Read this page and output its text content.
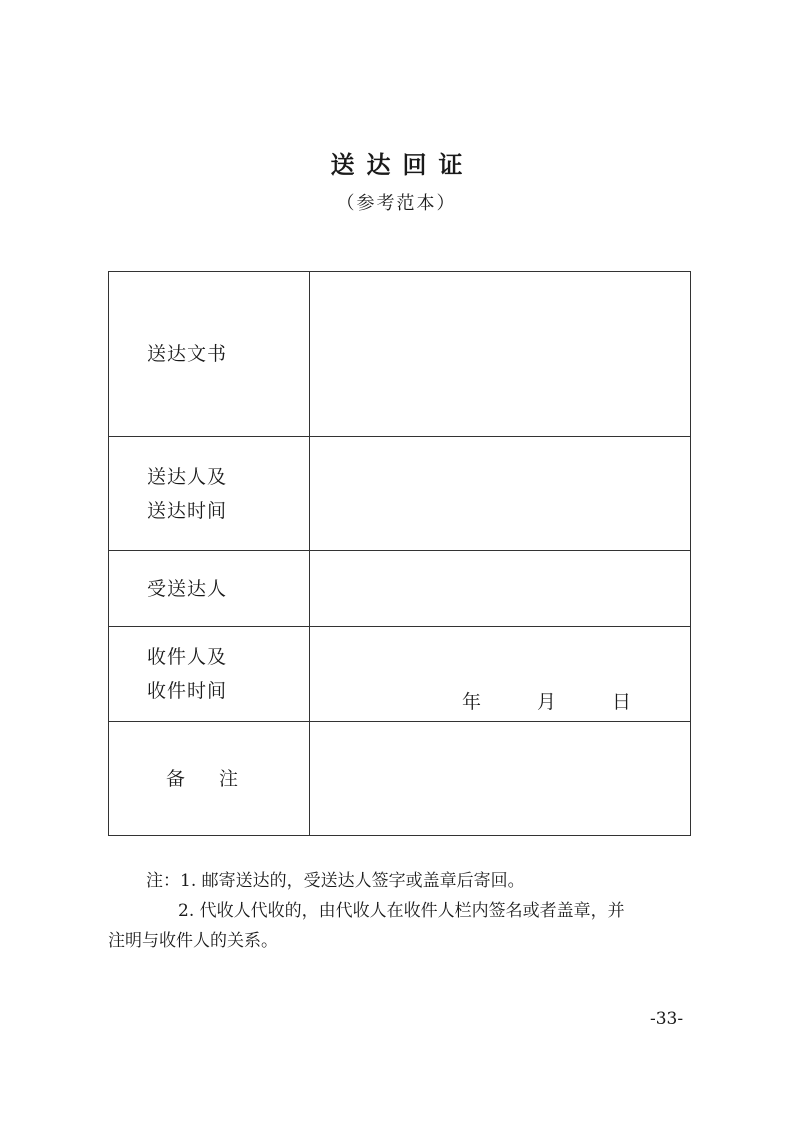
送达回证
（参考范本）
送达文书	

送达人及
送达时间	

受送达人	

收件人及
收件时间	年 月 日

备注	

注：1. 邮寄送达的，受送达人签字或盖章后寄回。
2. 代收人代收的，由代收人在收件人栏内签名或者盖章，并
注明与收件人的关系。
-33-
